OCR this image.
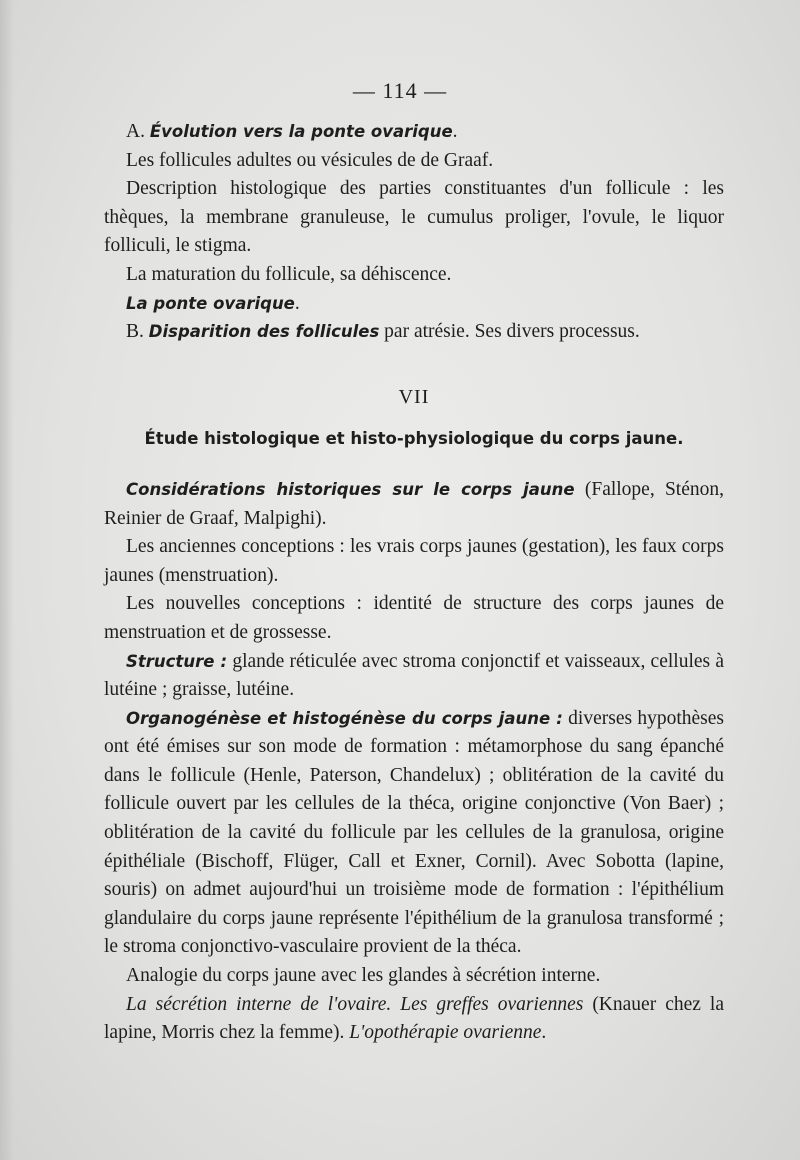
— 114 —

A. Évolution vers la ponte ovarique.

Les follicules adultes ou vésicules de de Graaf.

Description histologique des parties constituantes d'un follicule : les thèques, la membrane granuleuse, le cumulus proliger, l'ovule, le liquor folliculi, le stigma.

La maturation du follicule, sa déhiscence.

La ponte ovarique.

B. Disparition des follicules par atrésie. Ses divers processus.

VII

Étude histologique et histo-physiologique du corps jaune.

Considérations historiques sur le corps jaune (Fallope, Sténon, Reinier de Graaf, Malpighi).

Les anciennes conceptions : les vrais corps jaunes (gestation), les faux corps jaunes (menstruation).

Les nouvelles conceptions : identité de structure des corps jaunes de menstruation et de grossesse.

Structure : glande réticulée avec stroma conjonctif et vaisseaux, cellules à lutéine ; graisse, lutéine.

Organogénèse et histogénèse du corps jaune : diverses hypothèses ont été émises sur son mode de formation : métamorphose du sang épanché dans le follicule (Henle, Paterson, Chandelux) ; oblitération de la cavité du follicule ouvert par les cellules de la théca, origine conjonctive (Von Baer) ; oblitération de la cavité du follicule par les cellules de la granulosa, origine épithéliale (Bischoff, Flüger, Call et Exner, Cornil). Avec Sobotta (lapine, souris) on admet aujourd'hui un troisième mode de formation : l'épithélium glandulaire du corps jaune représente l'épithélium de la granulosa transformé ; le stroma conjonctivo-vasculaire provient de la théca.

Analogie du corps jaune avec les glandes à sécrétion interne.

La sécrétion interne de l'ovaire. Les greffes ovariennes (Knauer chez la lapine, Morris chez la femme). L'opothérapie ovarienne.
